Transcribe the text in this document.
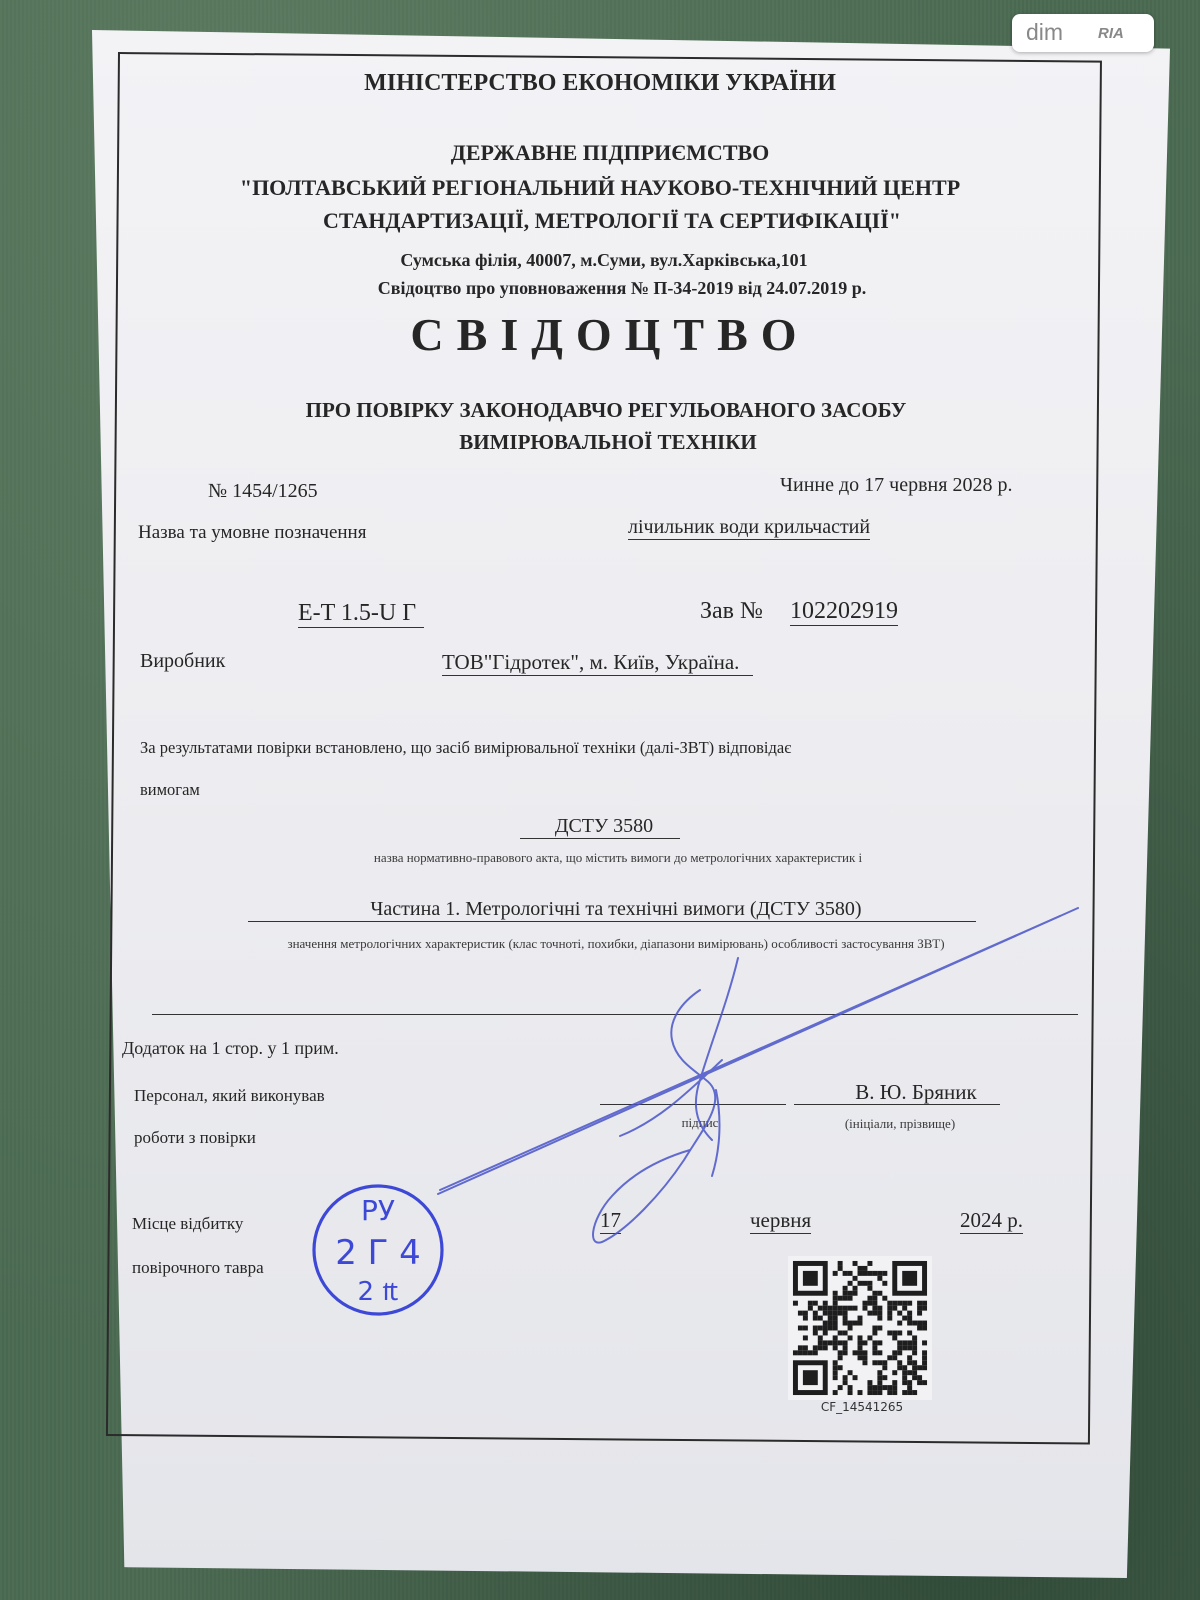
МІНІСТЕРСТВО ЕКОНОМІКИ УКРАЇНИ
ДЕРЖАВНЕ ПІДПРИЄМСТВО
"ПОЛТАВСЬКИЙ РЕГІОНАЛЬНИЙ НАУКОВО-ТЕХНІЧНИЙ ЦЕНТР
СТАНДАРТИЗАЦІЇ, МЕТРОЛОГІЇ ТА СЕРТИФІКАЦІЇ"
Сумська філія, 40007, м.Суми, вул.Харківська,101
Свідоцтво про уповноваження № П-34-2019 від 24.07.2019 р.
СВІДОЦТВО
ПРО ПОВІРКУ ЗАКОНОДАВЧО РЕГУЛЬОВАНОГО ЗАСОБУ
ВИМІРЮВАЛЬНОЇ ТЕХНІКИ
№ 1454/1265	Чинне до 17 червня 2028 р.
Назва та умовне позначення	лічильник води крильчастий
E-T 1.5-U Г	Зав № 102202919
Виробник	ТОВ"Гідротек", м. Київ, Україна.
За результатами повірки встановлено, що засіб вимірювальної техніки (далі-ЗВТ) відповідає
вимогам
ДСТУ 3580
назва нормативно-правового акта, що містить вимоги до метрологічних характеристик і
Частина 1. Метрологічні та технічні вимоги (ДСТУ 3580)
значення метрологічних характеристик (клас точноті, похибки, діапазони вимірювань) особливості застосування ЗВТ)
Додаток на 1 стор. у 1 прим.
Персонал, який виконував
роботи з повірки
підпис
В. Ю. Бряник
(ініціали, прізвище)
Місце відбитку
повірочного тавра
17	червня	2024 р.
CF_14541265
РУ
2 Г 4
2 ₶
dim RIA
